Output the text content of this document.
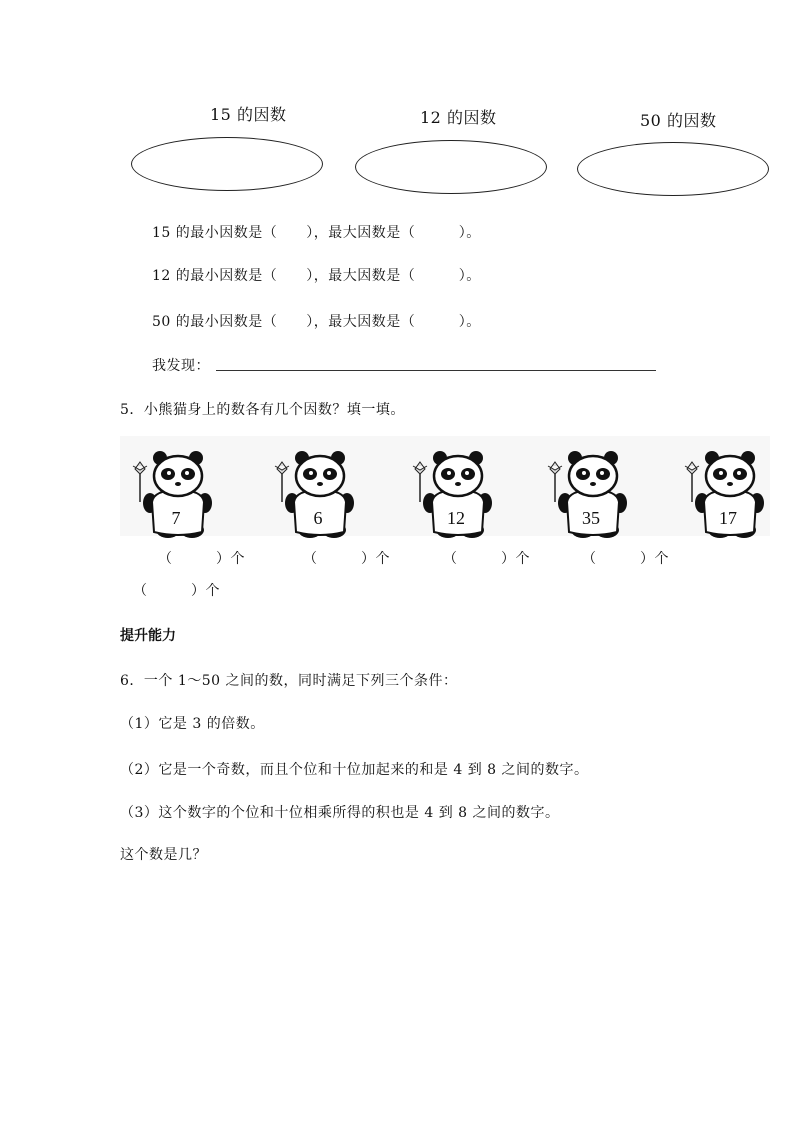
15 的因数	12 的因数	50 的因数
15 的最小因数是（　　），最大因数是（　　　）。
12 的最小因数是（　　），最大因数是（　　　）。
50 的最小因数是（　　），最大因数是（　　　）。
我发现：
5．小熊猫身上的数各有几个因数？填一填。
7	6	12	35	17
（　　　）个	（　　　）个	（　　　）个	（　　　）个
（　　　）个
提升能力
6．一个 1～50 之间的数，同时满足下列三个条件：
（1）它是 3 的倍数。
（2）它是一个奇数，而且个位和十位加起来的和是 4 到 8 之间的数字。
（3）这个数字的个位和十位相乘所得的积也是 4 到 8 之间的数字。
这个数是几？
